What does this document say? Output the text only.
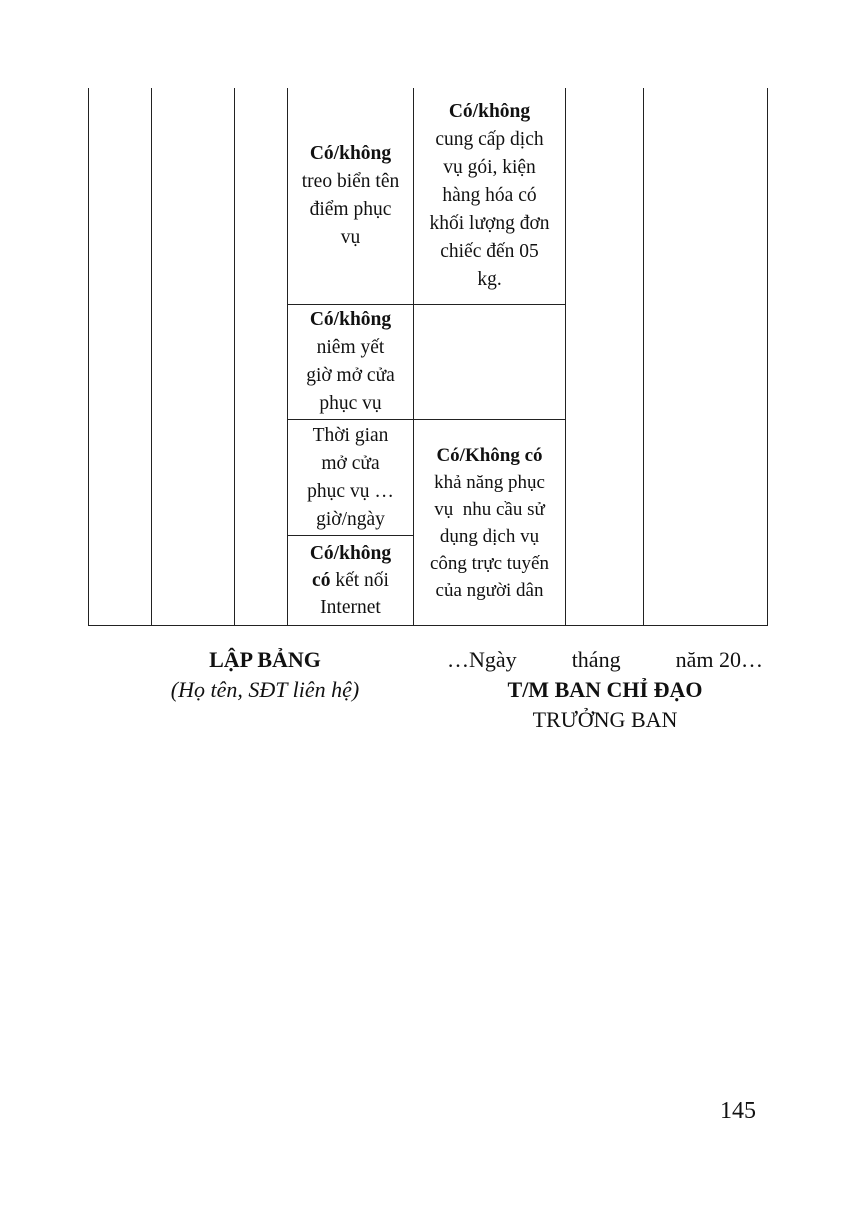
Có/không
treo biển tên
điểm phục
vụ
Có/không
cung cấp dịch
vụ gói, kiện
hàng hóa có
khối lượng đơn
chiếc đến 05
kg.
Có/không
niêm yết
giờ mở cửa
phục vụ
Thời gian
mở cửa
phục vụ …
giờ/ngày
Có/Không có
khả năng phục
vụ  nhu cầu sử
dụng dịch vụ
công trực tuyến
của người dân
Có/không
có kết nối
Internet
LẬP BẢNG
(Họ tên, SĐT liên hệ)
…Ngày	tháng	năm 20…
T/M BAN CHỈ ĐẠO
TRƯỞNG BAN
145
